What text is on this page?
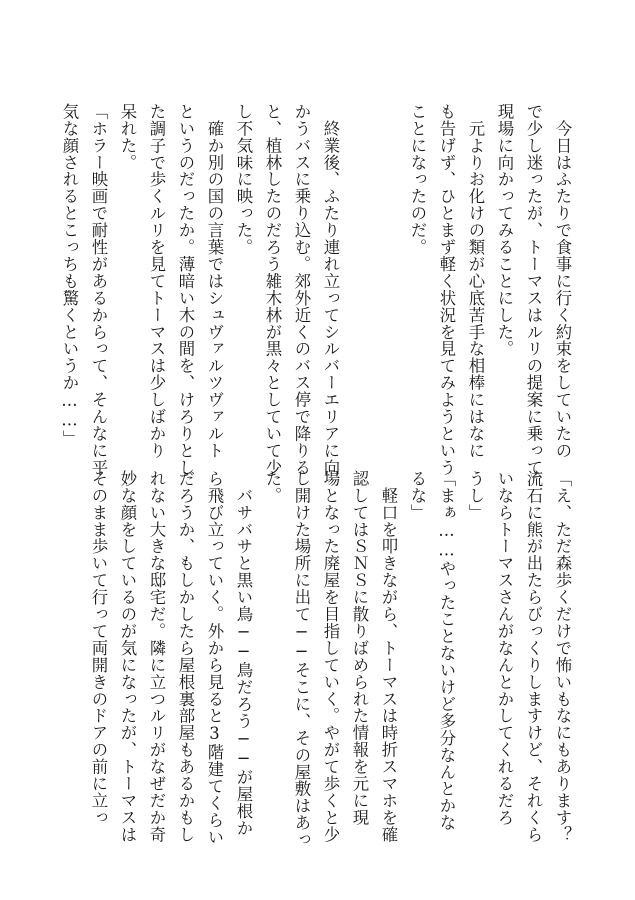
　今日はふたりで食事に行く約束をしていたの
で少し迷ったが、トーマスはルリの提案に乗って
現場に向かってみることにした。
　元よりお化けの類が心底苦手な相棒にはなに
も告げず、ひとまず軽く状況を見てみようという
ことになったのだ。
　終業後、ふたり連れ立ってシルバーエリアに向
かうバスに乗り込む。郊外近くのバス停で降りる
と、植林したのだろう雑木林が黒々としていて少
し不気味に映った。
　確か別の国の言葉ではシュヴァルツヴァルト
というのだったか。薄暗い木の間を、けろりとし
た調子で歩くルリを見てトーマスは少しばかり
呆れた。
「ホラー映画で耐性があるからって、そんなに平
気な顔されるとこっちも驚くというか……」
「え、ただ森歩くだけで怖いもなにもあります？
流石に熊が出たらびっくりしますけど、それくら
いならトーマスさんがなんとかしてくれるだろ
うし」
「まぁ……やったことないけど多分なんとかな
るな」
　軽口を叩きながら、トーマスは時折スマホを確
認してはＳＮＳに散りばめられた情報を元に現
場となった廃屋を目指していく。やがて歩くと少
し開けた場所に出て──そこに、その屋敷はあっ
た。
　バサバサと黒い鳥──鳥だろう──が屋根か
ら飛び立っていく。外から見ると3階建てくらい
だろうか、もしかしたら屋根裏部屋もあるかもし
れない大きな邸宅だ。隣に立つルリがなぜだか奇
妙な顔をしているのが気になったが、トーマスは
そのまま歩いて行って両開きのドアの前に立っ
